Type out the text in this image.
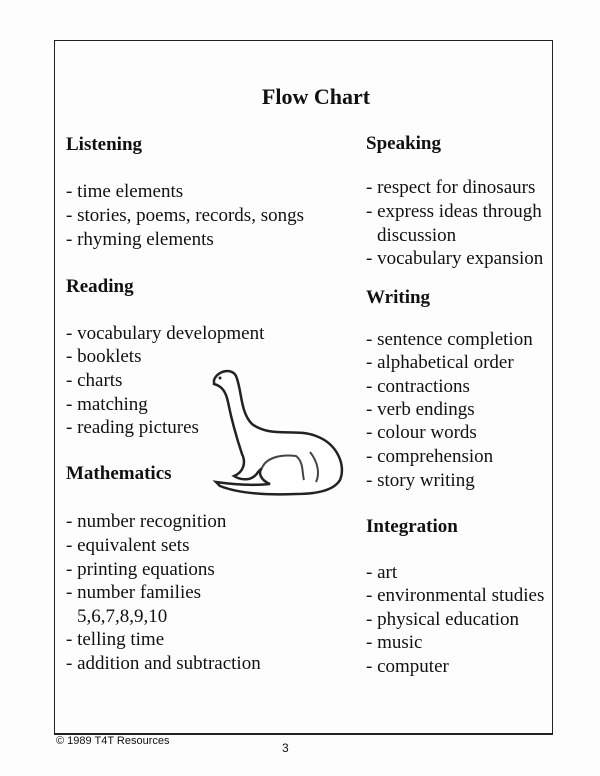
Flow Chart
Listening
- time elements
- stories, poems, records, songs
- rhyming elements
Reading
- vocabulary development
- booklets
- charts
- matching
- reading pictures
Mathematics
- number recognition
- equivalent sets
- printing equations
- number families
5,6,7,8,9,10
- telling time
- addition and subtraction
Speaking
- respect for dinosaurs
- express ideas through
discussion
- vocabulary expansion
Writing
- sentence completion
- alphabetical order
- contractions
- verb endings
- colour words
- comprehension
- story writing
Integration
- art
- environmental studies
- physical education
- music
- computer
© 1989 T4T Resources	3
